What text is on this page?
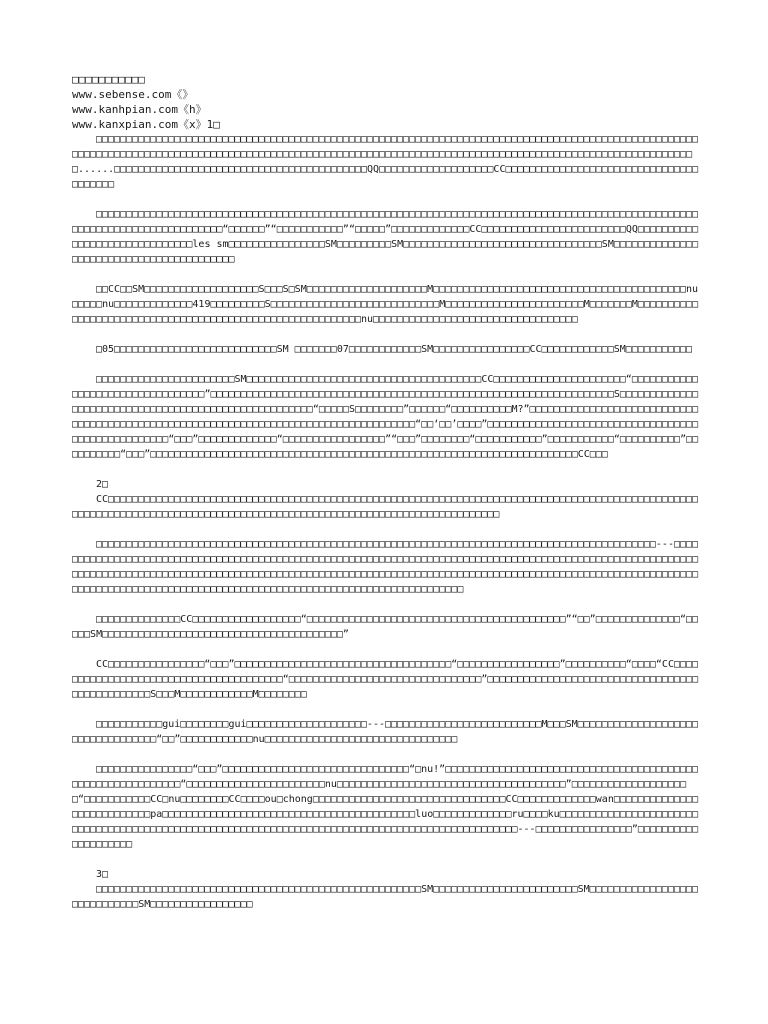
□□□□□□□□□□□
www.sebense.com《》
www.kanhpian.com《h》
www.kanxpian.com《x》1□

□□□□□□□□□□□□□□□□□□□□□□□□□□□□□□□□□□□□□□□□□□□□□□□□□□□□□□□□□□□□□□□□□□□□□□□□□□□□□□□□□□□□□□□□□□□□□□□□□□□□□□□□□□□□□□□□□□□□□□□□□□□□□□□□□□□□□□□□□□□□□□□□□□□□□□□□□□□□□□□□□□□□□□□□□□□□□□□□□□□□□□□□□□□□□□□□□□□□□□□□□□□□......□□□□□□□□□□□□□□□□□□□□□□□□□□□□□□□□□□□□□□□□□□QQ□□□□□□□□□□□□□□□□□□□CC□□□□□□□□□□□□□□□□□□□□□□□□□□□□□□□□□□□□□□□

□□□□□□□□□□□□□□□□□□□□□□□□□□□□□□□□□□□□□□□□□□□□□□□□□□□□□□□□□□□□□□□□□□□□□□□□□□□□□□□□□□□□□□□□□□□□□□□□□□□□□□□□□□□□□□□□□□□□□□□□□□□□□“□□□□□□”“□□□□□□□□□□□”“□□□□□”□□□□□□□□□□□□□CC□□□□□□□□□□□□□□□□□□□□□□□□QQ□□□□□□□□□□□□□□□□□□□□□□□□□□□□□□les sm□□□□□□□□□□□□□□□□SM□□□□□□□□□SM□□□□□□□□□□□□□□□□□□□□□□□□□□□□□□□□□SM□□□□□□□□□□□□□□□□□□□□□□□□□□□□□□□□□□□□□□□□□

□□CC□□SM□□□□□□□□□□□□□□□□□□□S□□□S□SM□□□□□□□□□□□□□□□□□□□□M□□□□□□□□□□□□□□□□□□□□□□□□□□□□□□□□□□□□□□□□□□nu□□□□□nu□□□□□□□□□□□□□419□□□□□□□□□S□□□□□□□□□□□□□□□□□□□□□□□□□□□□M□□□□□□□□□□□□□□□□□□□□□□□M□□□□□□□M□□□□□□□□□□□□□□□□□□□□□□□□□□□□□□□□□□□□□□□□□□□□□□□□□□□□□□□□□□nu□□□□□□□□□□□□□□□□□□□□□□□□□□□□□□□□□□

□05□□□□□□□□□□□□□□□□□□□□□□□□□□□SM □□□□□□□07□□□□□□□□□□□□SM□□□□□□□□□□□□□□□□CC□□□□□□□□□□□□SM□□□□□□□□□□□

□□□□□□□□□□□□□□□□□□□□□□□SM□□□□□□□□□□□□□□□□□□□□□□□□□□□□□□□□□□□□□□□CC□□□□□□□□□□□□□□□□□□□□□□“□□□□□□□□□□□□□□□□□□□□□□□□□□□□□□□□□”□□□□□□□□□□□□□□□□□□□□□□□□□□□□□□□□□□□□□□□□□□□□□□□□□□□□□□□□□□□□□□□□□□□S□□□□□□□□□□□□□□□□□□□□□□□□□□□□□□□□□□□□□□□□□□□□□□□□□□□□□“□□□□□S□□□□□□□□”□□□□□□“□□□□□□□□□□M?”□□□□□□□□□□□□□□□□□□□□□□□□□□□□□□□□□□□□□□□□□□□□□□□□□□□□□□□□□□□□□□□□□□□□□□□□□□□□□□□□□□□□□“□□‘□□’□□□□”□□□□□□□□□□□□□□□□□□□□□□□□□□□□□□□□□□□□□□□□□□□□□□□□□□□“□□□”□□□□□□□□□□□□□“□□□□□□□□□□□□□□□□□”“□□□”□□□□□□□□“□□□□□□□□□□□”□□□□□□□□□□□“□□□□□□□□□□”□□□□□□□□□□“□□□”□□□□□□□□□□□□□□□□□□□□□□□□□□□□□□□□□□□□□□□□□□□□□□□□□□□□□□□□□□□□□□□□□□□□□□□CC□□□

2□

CC□□□□□□□□□□□□□□□□□□□□□□□□□□□□□□□□□□□□□□□□□□□□□□□□□□□□□□□□□□□□□□□□□□□□□□□□□□□□□□□□□□□□□□□□□□□□□□□□□□□□□□□□□□□□□□□□□□□□□□□□□□□□□□□□□□□□□□□□□□□□□□□□□□□□□□□□□□□□□□□□□□□□□□□□□

□□□□□□□□□□□□□□□□□□□□□□□□□□□□□□□□□□□□□□□□□□□□□□□□□□□□□□□□□□□□□□□□□□□□□□□□□□□□□□□□□□□□□□□□□□□□□---□□□□□□□□□□□□□□□□□□□□□□□□□□□□□□□□□□□□□□□□□□□□□□□□□□□□□□□□□□□□□□□□□□□□□□□□□□□□□□□□□□□□□□□□□□□□□□□□□□□□□□□□□□□□□□□□□□□□□□□□□□□□□□□□□□□□□□□□□□□□□□□□□□□□□□□□□□□□□□□□□□□□□□□□□□□□□□□□□□□□□□□□□□□□□□□□□□□□□□□□□□□□□□□□□□□□□□□□□□□□□□□□□□□□□□□□□□□□□□□□□□□□□□□□□□□□□□□□□□□□□□□□□□□□□□□□□□□□□

□□□□□□□□□□□□□□CC□□□□□□□□□□□□□□□□□□“□□□□□□□□□□□□□□□□□□□□□□□□□□□□□□□□□□□□□□□□□□□”“□□”□□□□□□□□□□□□□□“□□□□□SM□□□□□□□□□□□□□□□□□□□□□□□□□□□□□□□□□□□□□□□□”

CC□□□□□□□□□□□□□□□□“□□□”□□□□□□□□□□□□□□□□□□□□□□□□□□□□□□□□□□□□“□□□□□□□□□□□□□□□□□”□□□□□□□□□□“□□□□“CC□□□□□□□□□□□□□□□□□□□□□□□□□□□□□□□□□□□□□□□“□□□□□□□□□□□□□□□□□□□□□□□□□□□□□□□□”□□□□□□□□□□□□□□□□□□□□□□□□□□□□□□□□□□□□□□□□□□□□□□□□S□□□M□□□□□□□□□□□□M□□□□□□□□

□□□□□□□□□□□gui□□□□□□□□gui□□□□□□□□□□□□□□□□□□□□---□□□□□□□□□□□□□□□□□□□□□□□□□□M□□□SM□□□□□□□□□□□□□□□□□□□□□□□□□□□□□□□□□□“□□”□□□□□□□□□□□□nu□□□□□□□□□□□□□□□□□□□□□□□□□□□□□□□□

□□□□□□□□□□□□□□□□“□□□”□□□□□□□□□□□□□□□□□□□□□□□□□□□□□□□“□nu!”□□□□□□□□□□□□□□□□□□□□□□□□□□□□□□□□□□□□□□□□□□□□□□□□□□□□□□□□□□□□“□□□□□□□□□□□□□□□□□□□□□□□nu□□□□□□□□□□□□□□□□□□□□□□□□□□□□□□□□□□□□□□”□□□□□□□□□□□□□□□□□□□□“□□□□□□□□□□□CC□nu□□□□□□□□CC□□□□ou□chong□□□□□□□□□□□□□□□□□□□□□□□□□□□□□□□□CC□□□□□□□□□□□□□wan□□□□□□□□□□□□□□□□□□□□□□□□□□□pa□□□□□□□□□□□□□□□□□□□□□□□□□□□□□□□□□□□□□□□□□□luo□□□□□□□□□□□□□ru□□□□ku□□□□□□□□□□□□□□□□□□□□□□□□□□□□□□□□□□□□□□□□□□□□□□□□□□□□□□□□□□□□□□□□□□□□□□□□□□□□□□□□□□□□□□□□□□□□□□□□□---□□□□□□□□□□□□□□□□”□□□□□□□□□□□□□□□□□□□□

3□

□□□□□□□□□□□□□□□□□□□□□□□□□□□□□□□□□□□□□□□□□□□□□□□□□□□□□□SM□□□□□□□□□□□□□□□□□□□□□□□□SM□□□□□□□□□□□□□□□□□□□□□□□□□□□□□SM□□□□□□□□□□□□□□□□□
